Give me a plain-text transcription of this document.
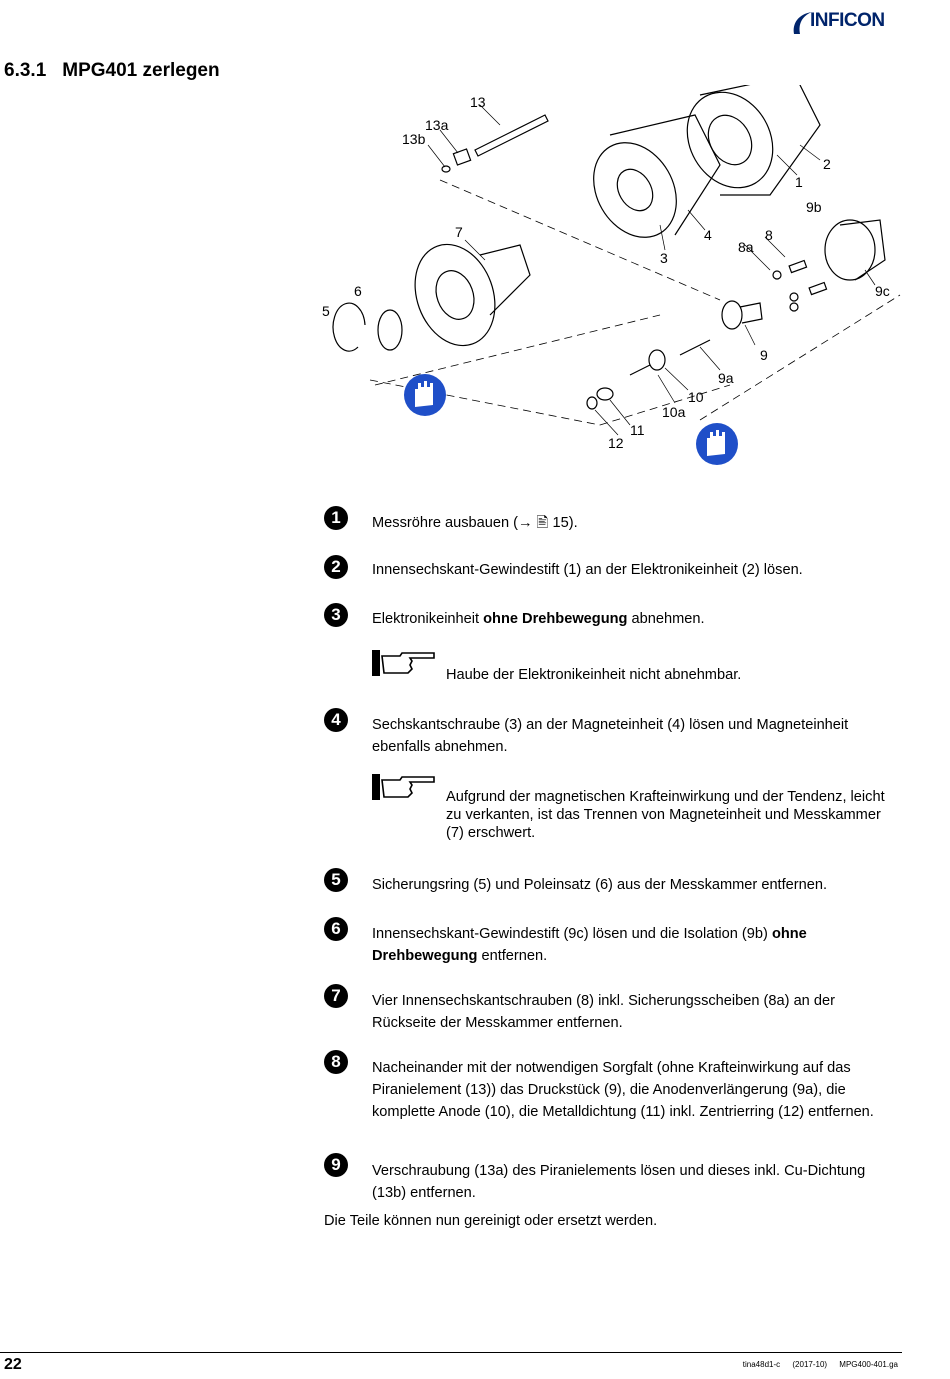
INFICON
6.3.1 MPG401 zerlegen
13
13a
13b
7	4
3
2
1
9b
8
8a
9c
6
5
9
9a
10
10a
11
12
1	Messröhre ausbauen (→ 🖹 15).
2	Innensechskant-Gewindestift (1) an der Elektronikeinheit (2) lösen.
3	Elektronikeinheit ohne Drehbewegung abnehmen.
Haube der Elektronikeinheit nicht abnehmbar.
4	Sechskantschraube (3) an der Magneteinheit (4) lösen und Magneteinheit ebenfalls abnehmen.
Aufgrund der magnetischen Krafteinwirkung und der Tendenz, leicht zu verkanten, ist das Trennen von Magneteinheit und Messkammer (7) erschwert.
5	Sicherungsring (5) und Poleinsatz (6) aus der Messkammer entfernen.
6	Innensechskant-Gewindestift (9c) lösen und die Isolation (9b) ohne Drehbewegung entfernen.
7	Vier Innensechskantschrauben (8) inkl. Sicherungsscheiben (8a) an der Rückseite der Messkammer entfernen.
8	Nacheinander mit der notwendigen Sorgfalt (ohne Krafteinwirkung auf das Piranielement (13)) das Druckstück (9), die Anodenverlängerung (9a), die komplette Anode (10), die Metalldichtung (11) inkl. Zentrierring (12) entfernen.
9	Verschraubung (13a) des Piranielements lösen und dieses inkl. Cu-Dichtung (13b) entfernen.
Die Teile können nun gereinigt oder ersetzt werden.
22	tina48d1-c (2017-10) MPG400-401.ga
